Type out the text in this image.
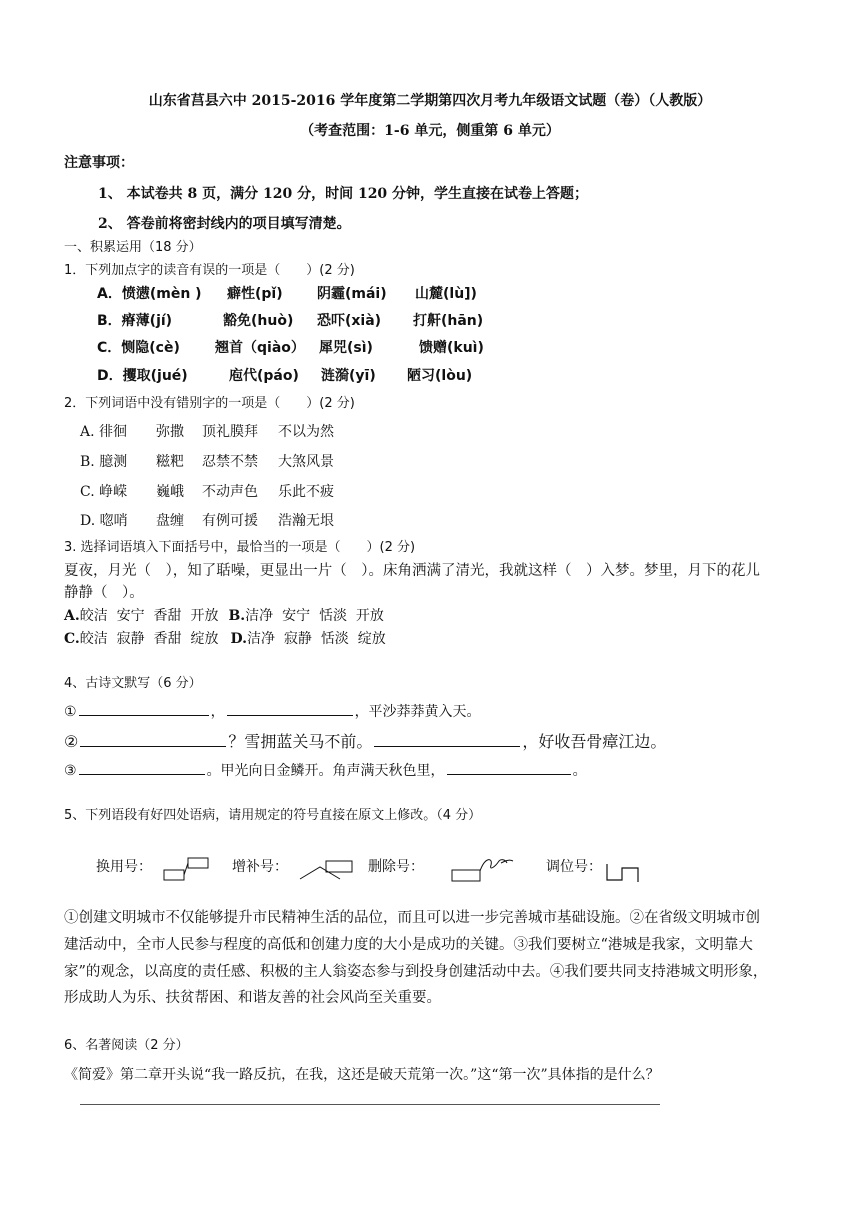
山东省莒县六中 2015-2016 学年度第二学期第四次月考九年级语文试题（卷）（人教版）
（考查范围：1-6 单元，侧重第 6 单元）
注意事项：
1、 本试卷共 8 页，满分 120 分，时间 120 分钟，学生直接在试卷上答题；
2、 答卷前将密封线内的项目填写清楚。
一、积累运用（18 分）
1．下列加点字的读音有误的一项是（　　）(2 分)
A．愤懑(mèn ) 癖性(pǐ) 阴霾(mái) 山麓(lù])
B．瘠薄(jí)	豁免(huò) 恐吓(xià) 打鼾(hān)
C．恻隐(cè)	翘首（qiào） 犀兕(sì)	馈赠(kuì)
D．攫取(jué)	庖代(páo) 涟漪(yī) 陋习(lòu)
2．下列词语中没有错别字的一项是（　　）(2 分)
A. 徘徊 弥撒 顶礼膜拜 不以为然
B. 臆测 糍粑 忍禁不禁 大煞风景
C. 峥嵘 巍峨 不动声色 乐此不疲
D. 唿哨 盘缠 有例可援 浩瀚无垠
3. 选择词语填入下面括号中，最恰当的一项是（　　）(2 分)
夏夜，月光（　），知了聒噪，更显出一片（　）。床角洒满了清光，我就这样（　）入梦。梦里，月下的花儿
静静（　）。
A.皎洁  安宁  香甜  开放 B.洁净  安宁  恬淡  开放
C.皎洁  寂静  香甜  绽放 D.洁净  寂静  恬淡  绽放
4、古诗文默写（6 分）
①	，	，平沙莽莽黄入天。
②	？雪拥蓝关马不前。	，好收吾骨瘴江边。
③	。甲光向日金鳞开。角声满天秋色里，	。
5、下列语段有好四处语病，请用规定的符号直接在原文上修改。（4 分）
换用号：	增补号：	删除号：	调位号：
①创建文明城市不仅能够提升市民精神生活的品位，而且可以进一步完善城市基础设施。②在省级文明城市创
建活动中，全市人民参与程度的高低和创建力度的大小是成功的关键。③我们要树立“港城是我家，文明靠大
家”的观念，以高度的责任感、积极的主人翁姿态参与到投身创建活动中去。④我们要共同支持港城文明形象，
形成助人为乐、扶贫帮困、和谐友善的社会风尚至关重要。
6、名著阅读（2 分）
《简爱》第二章开头说“我一路反抗，在我，这还是破天荒第一次。”这“第一次”具体指的是什么？
